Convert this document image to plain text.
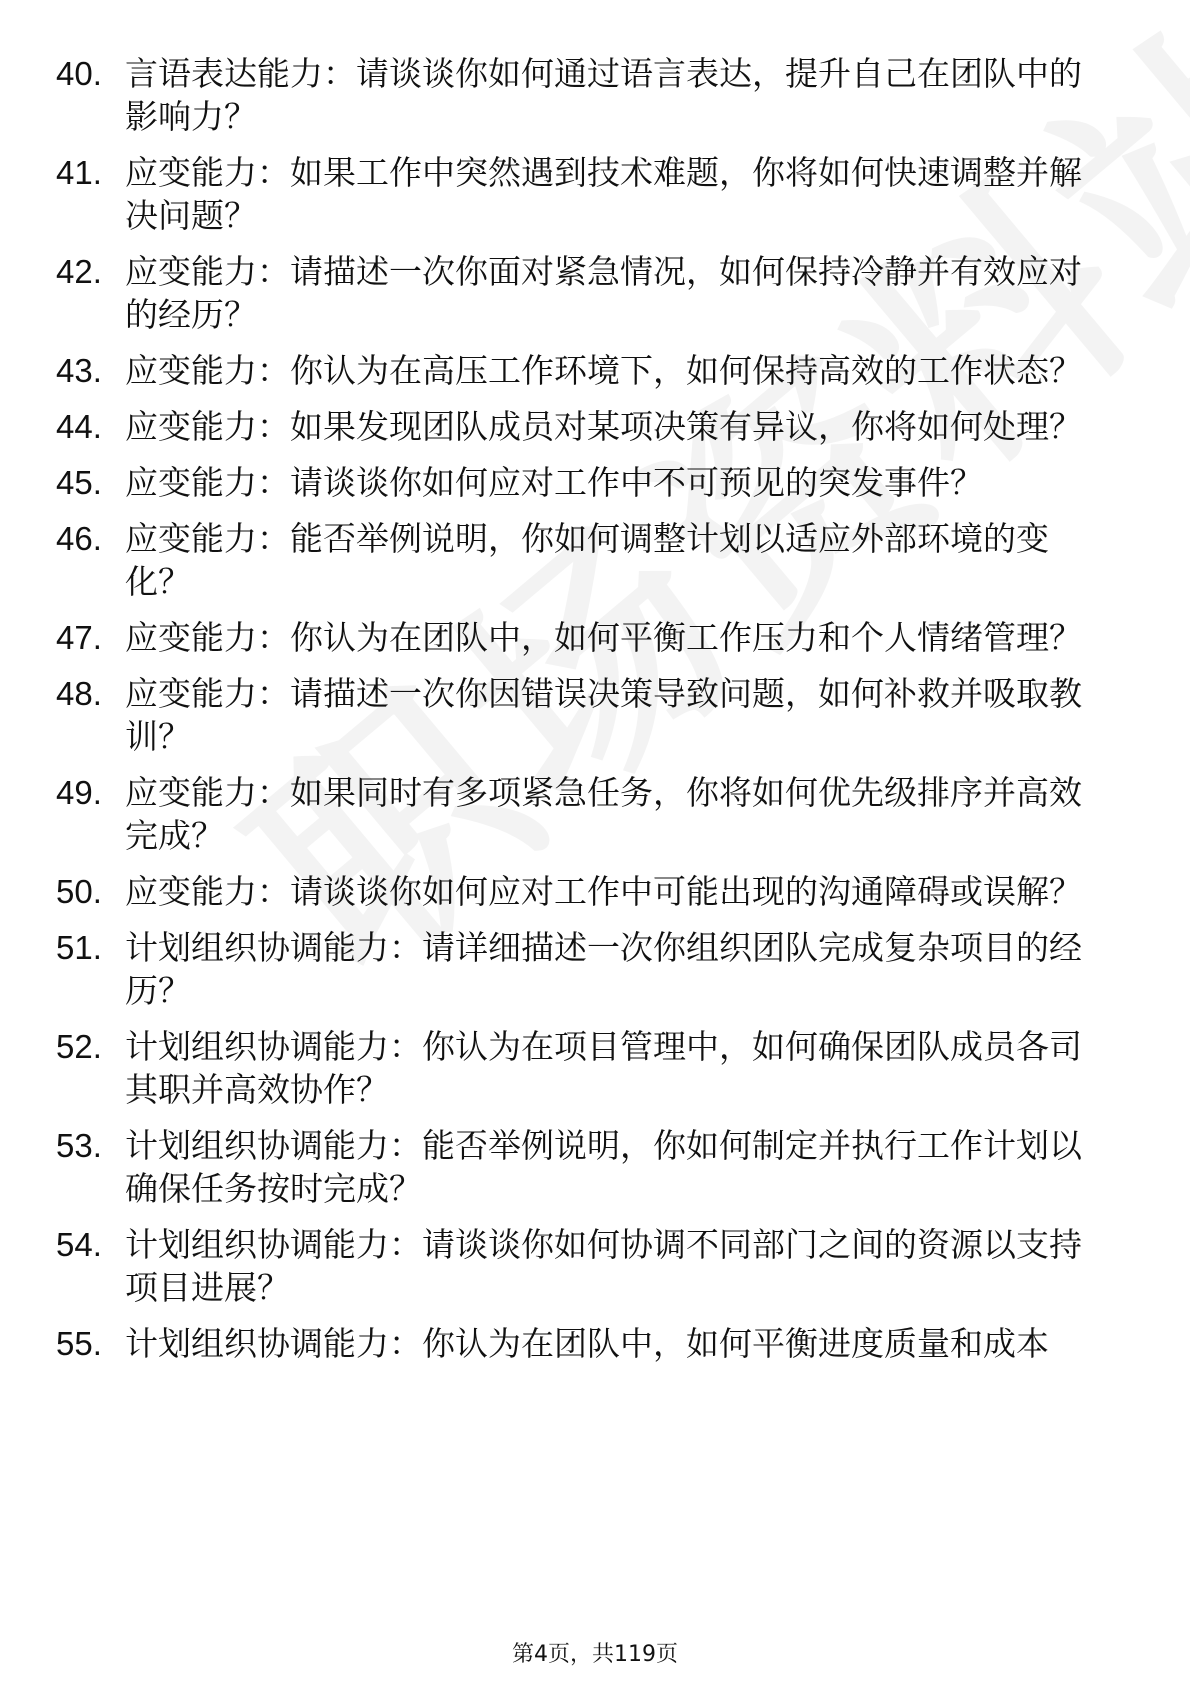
40. 言语表达能力：请谈谈你如何通过语言表达，提升自己在团队中的影响力？
41. 应变能力：如果工作中突然遇到技术难题，你将如何快速调整并解决问题？
42. 应变能力：请描述一次你面对紧急情况，如何保持冷静并有效应对的经历？
43. 应变能力：你认为在高压工作环境下，如何保持高效的工作状态？
44. 应变能力：如果发现团队成员对某项决策有异议，你将如何处理？
45. 应变能力：请谈谈你如何应对工作中不可预见的突发事件？
46. 应变能力：能否举例说明，你如何调整计划以适应外部环境的变化？
47. 应变能力：你认为在团队中，如何平衡工作压力和个人情绪管理？
48. 应变能力：请描述一次你因错误决策导致问题，如何补救并吸取教训？
49. 应变能力：如果同时有多项紧急任务，你将如何优先级排序并高效完成？
50. 应变能力：请谈谈你如何应对工作中可能出现的沟通障碍或误解？
51. 计划组织协调能力：请详细描述一次你组织团队完成复杂项目的经历？
52. 计划组织协调能力：你认为在项目管理中，如何确保团队成员各司其职并高效协作？
53. 计划组织协调能力：能否举例说明，你如何制定并执行工作计划以确保任务按时完成？
54. 计划组织协调能力：请谈谈你如何协调不同部门之间的资源以支持项目进展？
55. 计划组织协调能力：你认为在团队中，如何平衡进度质量和成本
第4页，共119页
